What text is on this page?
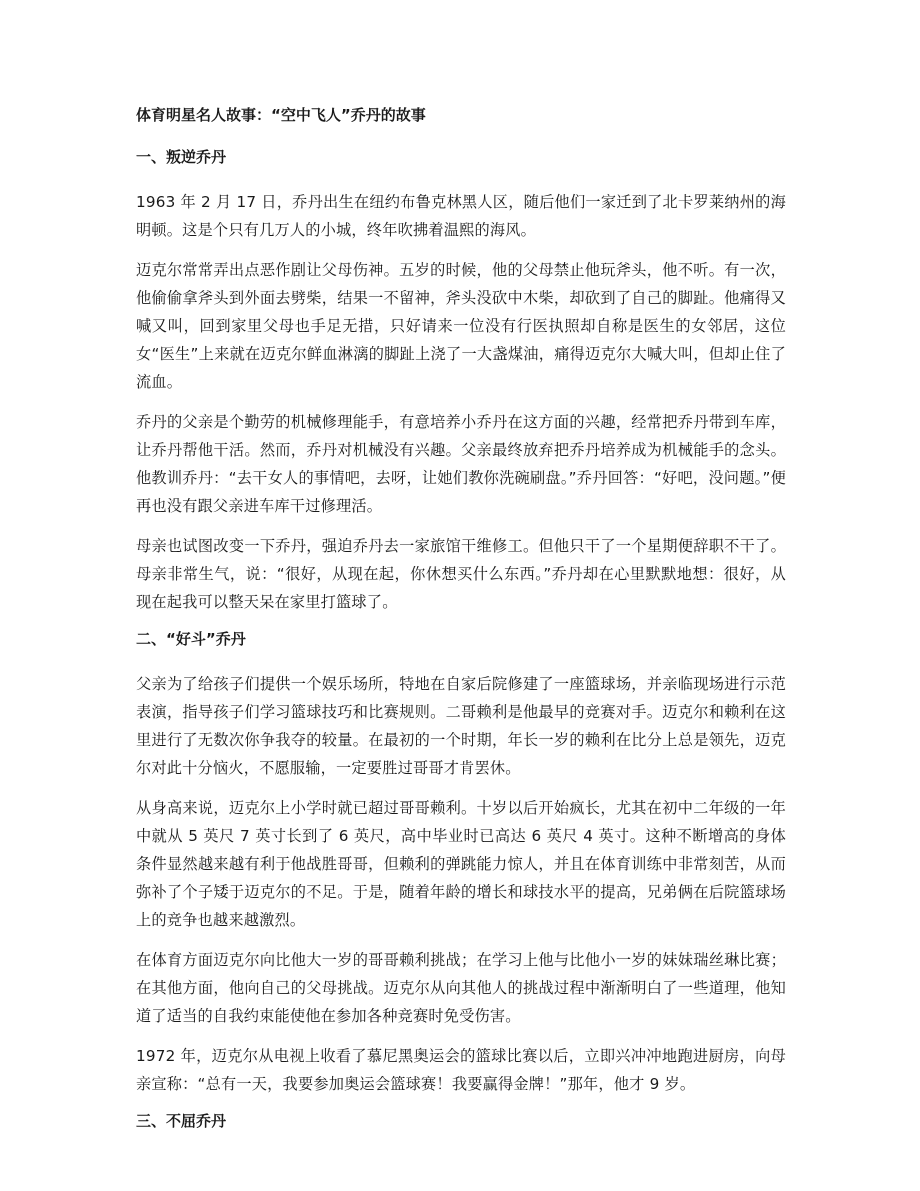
体育明星名人故事：“空中飞人”乔丹的故事
一、叛逆乔丹

1963 年 2 月 17 日，乔丹出生在纽约布鲁克林黑人区，随后他们一家迁到了北卡罗莱纳州的海明顿。这是个只有几万人的小城，终年吹拂着温熙的海风。

迈克尔常常弄出点恶作剧让父母伤神。五岁的时候，他的父母禁止他玩斧头，他不听。有一次，他偷偷拿斧头到外面去劈柴，结果一不留神，斧头没砍中木柴，却砍到了自己的脚趾。他痛得又喊又叫，回到家里父母也手足无措，只好请来一位没有行医执照却自称是医生的女邻居，这位女“医生”上来就在迈克尔鲜血淋漓的脚趾上浇了一大盏煤油，痛得迈克尔大喊大叫，但却止住了流血。

乔丹的父亲是个勤劳的机械修理能手，有意培养小乔丹在这方面的兴趣，经常把乔丹带到车库，让乔丹帮他干活。然而，乔丹对机械没有兴趣。父亲最终放弃把乔丹培养成为机械能手的念头。他教训乔丹：“去干女人的事情吧，去呀，让她们教你洗碗刷盘。”乔丹回答：“好吧，没问题。”便再也没有跟父亲进车库干过修理活。

母亲也试图改变一下乔丹，强迫乔丹去一家旅馆干维修工。但他只干了一个星期便辞职不干了。母亲非常生气，说：“很好，从现在起，你休想买什么东西。”乔丹却在心里默默地想：很好，从现在起我可以整天呆在家里打篮球了。

二、“好斗”乔丹

父亲为了给孩子们提供一个娱乐场所，特地在自家后院修建了一座篮球场，并亲临现场进行示范表演，指导孩子们学习篮球技巧和比赛规则。二哥赖利是他最早的竞赛对手。迈克尔和赖利在这里进行了无数次你争我夺的较量。在最初的一个时期，年长一岁的赖利在比分上总是领先，迈克尔对此十分恼火，不愿服输，一定要胜过哥哥才肯罢休。

从身高来说，迈克尔上小学时就已超过哥哥赖利。十岁以后开始疯长，尤其在初中二年级的一年中就从 5 英尺 7 英寸长到了 6 英尺，高中毕业时已高达 6 英尺 4 英寸。这种不断增高的身体条件显然越来越有利于他战胜哥哥，但赖利的弹跳能力惊人，并且在体育训练中非常刻苦，从而弥补了个子矮于迈克尔的不足。于是，随着年龄的增长和球技水平的提高，兄弟俩在后院篮球场上的竞争也越来越激烈。

在体育方面迈克尔向比他大一岁的哥哥赖利挑战；在学习上他与比他小一岁的妹妹瑞丝琳比赛；在其他方面，他向自己的父母挑战。迈克尔从向其他人的挑战过程中渐渐明白了一些道理，他知道了适当的自我约束能使他在参加各种竞赛时免受伤害。

1972 年，迈克尔从电视上收看了慕尼黑奥运会的篮球比赛以后，立即兴冲冲地跑进厨房，向母亲宣称：“总有一天，我要参加奥运会篮球赛！我要赢得金牌！”那年，他才 9 岁。

三、不屈乔丹
